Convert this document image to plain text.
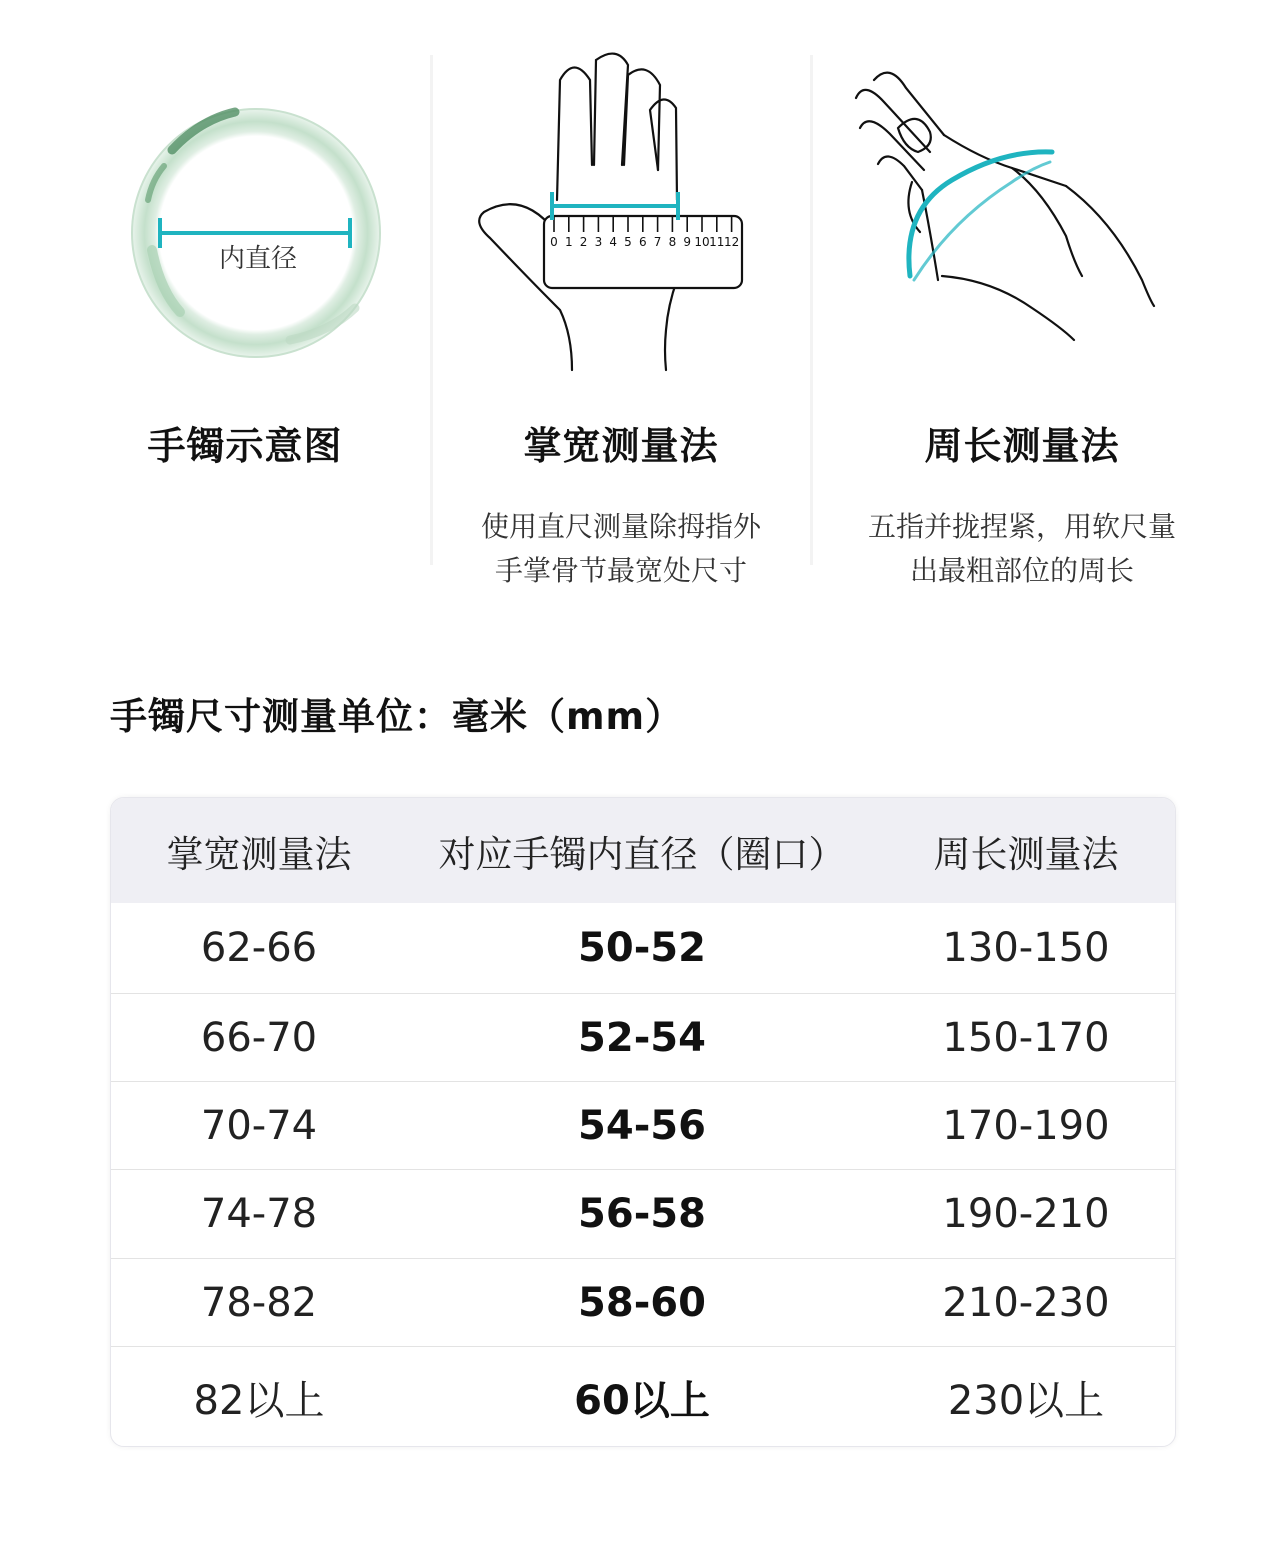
内直径
手镯示意图
0 1 2 3 4 5 6 7 8 9 10 11 12
掌宽测量法
使用直尺测量除拇指外
手掌骨节最宽处尺寸
周长测量法
五指并拢捏紧，用软尺量
出最粗部位的周长
手镯尺寸测量单位：毫米（mm）
掌宽测量法	对应手镯内直径（圈口）	周长测量法
62-66	50-52	130-150
66-70	52-54	150-170
70-74	54-56	170-190
74-78	56-58	190-210
78-82	58-60	210-230
82以上	60以上	230以上
